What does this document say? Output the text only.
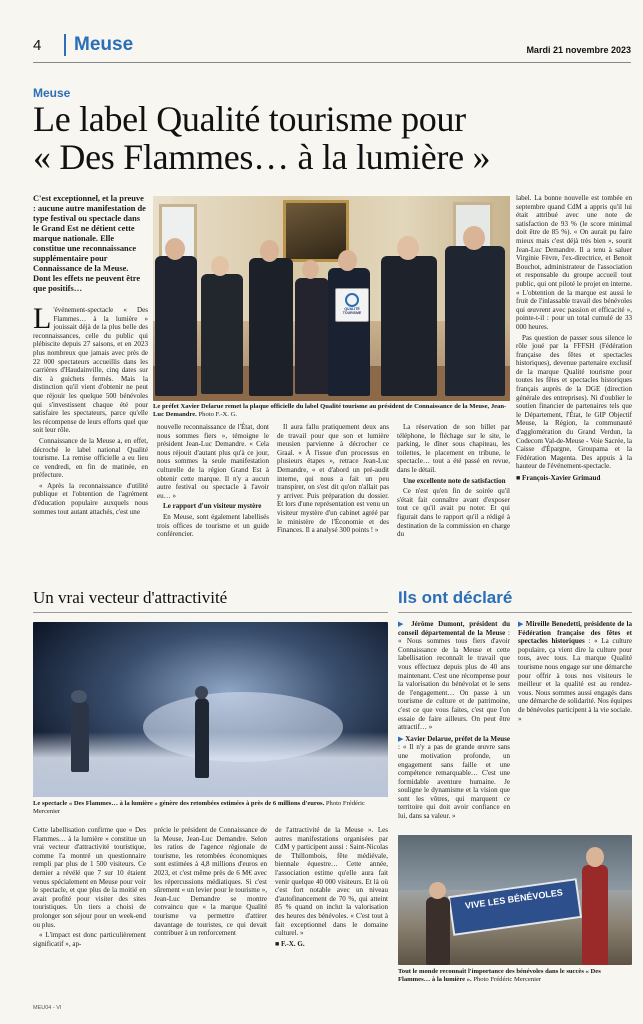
4 Meuse	Mardi 21 novembre 2023
Meuse
Le label Qualité tourisme pour
« Des Flammes… à la lumière »
C'est exceptionnel, et la preuve : aucune autre manifestation de type festival ou spectacle dans le Grand Est ne détient cette marque nationale. Elle constitue une reconnaissance supplémentaire pour Connaissance de la Meuse. Dont les effets ne peuvent être que positifs…
QUALITÉ TOURISME
Le préfet Xavier Delarue remet la plaque officielle du label Qualité tourisme au président de Connaissance de la Meuse, Jean-Luc Demandre. Photo F.-X. G.

L 'événement-spectacle « Des Flammes… à la lumière » jouissait déjà de la plus belle des reconnaissances, celle du public qui plébiscite depuis 27 saisons, et en 2023 plus nombreux que jamais avec près de 22 000 spectateurs accueillis dans les carrières d'Haudainville, cinq dates sur dix à guichets fermés. Mais la distinction qu'il vient d'obtenir ne peut que réjouir les quelque 500 bénévoles qui s'investissent chaque été pour satisfaire les spectateurs, parce qu'elle les récompense de leurs efforts quel que soit leur rôle.

Connaissance de la Meuse a, en effet, décroché le label national Qualité tourisme. La remise officielle a eu lieu ce vendredi, en fin de matinée, en préfecture.

« Après la reconnaissance d'utilité publique et l'obtention de l'agrément d'éducation populaire auxquels nous sommes tout autant attachés, c'est une

nouvelle reconnaissance de l'État, dont nous sommes fiers », témoigne le président Jean-Luc Demandre. « Cela nous réjouit d'autant plus qu'à ce jour, nous sommes la seule manifestation culturelle de la région Grand Est à obtenir cette marque. Il n'y a aucun autre festival ou spectacle à l'avoir eu… »

Le rapport d'un visiteur mystère

En Meuse, sont également labellisés trois offices de tourisme et un guide conférencier.

Il aura fallu pratiquement deux ans de travail pour que son et lumière meusien parvienne à décrocher ce Graal. « À l'issue d'un processus en plusieurs étapes », retrace Jean-Luc Demandre, « et d'abord un pré-audit interne, qui nous a fait un peu transpirer, on s'est dit qu'on n'allait pas y arriver. Puis préparation du dossier. Et lors d'une représentation est venu un visiteur mystère d'un cabinet agréé par le ministère de l'Économie et des Finances. Il a analysé 300 points ! »

La réservation de son billet par téléphone, le fléchage sur le site, le parking, le dîner sous chapiteau, les toilettes, le placement en tribune, le spectacle… tout a été passé en revue, dans le détail.

Une excellente note de satisfaction

Ce n'est qu'en fin de soirée qu'il s'était fait connaître avant d'exposer tout ce qu'il avait pu noter. Et qui figurait dans le rapport qu'il a rédigé à destination de la commission en charge du

label. La bonne nouvelle est tombée en septembre quand CdM a appris qu'il lui était attribué avec une note de satisfaction de 93 % (le score minimal doit être de 85 %). « On aurait pu faire mieux mais c'est déjà très bien », sourit Jean-Luc Demandre. Il a tenu à saluer Virginie Fèvre, l'ex-directrice, et Benoit Bouchot, administrateur de l'association et responsable du groupe accueil tout public, qui ont piloté le projet en interne. « L'obtention de la marque est aussi le fruit de l'inlassable travail des bénévoles qui œuvrent avec passion et efficacité », pointe-t-il : pour un total cumulé de 33 000 heures.

Pas question de passer sous silence le rôle joué par la FFFSH (Fédération française des fêtes et spectacles historiques), devenue partenaire exclusif de la marque Qualité tourisme pour toutes les fêtes et spectacles historiques français auprès de la DGE (direction générale des entreprises). Ni d'oublier le soutien financier de partenaires tels que le Département, l'État, le GIP Objectif Meuse, la Région, la communauté d'agglomération du Grand Verdun, la Codecom Val-de-Meuse - Voie Sacrée, la Caisse d'Épargne, Groupama et la Fédération Magenta. Des appuis à la hauteur de l'événement-spectacle.

■ François-Xavier Grimaud

Un vrai vecteur d'attractivité
Le spectacle « Des Flammes… à la lumière » génère des retombées estimées à près de 6 millions d'euros. Photo Frédéric Mercenier

Cette labellisation confirme que « Des Flammes… à la lumière » constitue un vrai vecteur d'attractivité touristique, comme l'a montré un questionnaire rempli par plus de 1 500 visiteurs. Ce dernier a révélé que 7 sur 10 étaient venus spécialement en Meuse pour voir le spectacle, et que plus de la moitié en avait profité pour visiter des sites touristiques. Un tiers a choisi de prolonger son séjour pour un week-end ou plus.

« L'impact est donc particulièrement significatif », ap-

précie le président de Connaissance de la Meuse, Jean-Luc Demandre. Selon les ratios de l'agence régionale de tourisme, les retombées économiques sont estimées à 4,8 millions d'euros en 2023, et c'est même près de 6 M€ avec les répercussions médiatiques. Si c'est sûrement « un levier pour le tourisme », Jean-Luc Demandre se montre convaincu que « la marque Qualité tourisme va permettre d'attirer davantage de touristes, ce qui devait contribuer à un renforcement

de l'attractivité de la Meuse ». Les autres manifestations organisées par CdM y participent aussi : Saint-Nicolas de Thillombois, fête médiévale, biennale équestre… Cette année, l'association estime qu'elle aura fait venir quelque 40 000 visiteurs. Et là où c'est fort notable avec un niveau d'autofinancement de 70 %, qui atteint 85 % quand on inclut la valorisation des heures des bénévoles. « C'est tout à fait exceptionnel dans le domaine culturel. »

■ F.-X. G.

Ils ont déclaré

▶ Jérôme Dumont, président du conseil départemental de la Meuse : « Nous sommes tous fiers d'avoir Connaissance de la Meuse et cette labellisation reconnaît le travail que vous effectuez depuis plus de 40 ans maintenant. C'est une récompense pour la valorisation du bénévolat et le sens de l'engagement… On passe à un tourisme de culture et de patrimoine, c'est ce que vous faites, c'est que l'on essaie de faire ailleurs. On peut être attractif… »

▶ Xavier Delarue, préfet de la Meuse : « Il n'y a pas de grande œuvre sans une motivation profonde, un engagement sans faille et une compétence remarquable… C'est une formidable aventure humaine. Je souligne le dynamisme et la vision que sont les vôtres, qui marquent ce territoire qui doit avoir confiance en lui, dans sa valeur. »

▶ Mireille Benedetti, présidente de la Fédération française des fêtes et spectacles historiques : « La culture populaire, ça vient dire la culture pour tous, avec tous. La marque Qualité tourisme nous engage sur une démarche pour offrir à tous nos visiteurs le meilleur et la qualité est au rendez-vous. Nous sommes aussi engagés dans une démarche de solidarité. Nos équipes de bénévoles participent à la vie sociale. »

VIVE LES BÉNÉVOLES
Tout le monde reconnaît l'importance des bénévoles dans le succès « Des Flammes… à la lumière ». Photo Frédéric Mercenier
MEU04 - VI
